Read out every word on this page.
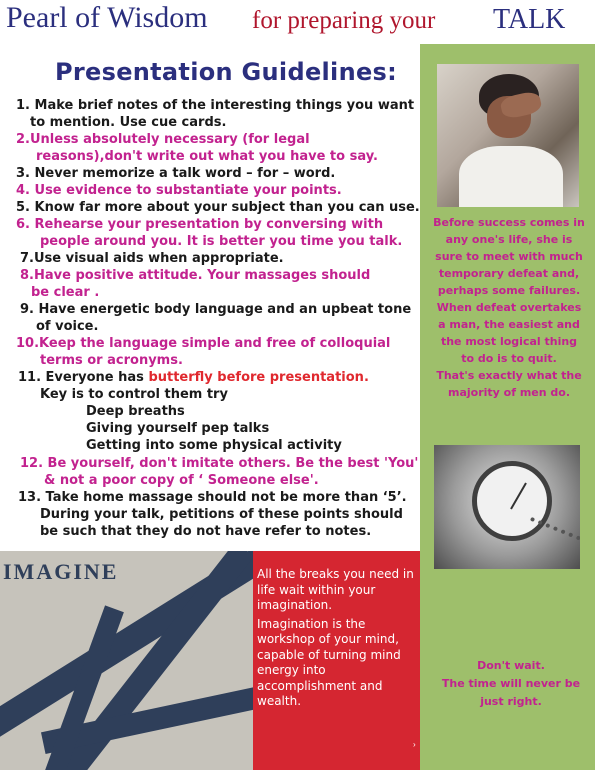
Pearl of Wisdom for preparing your TALK
Before success comes in
any one's life, she is
sure to meet with much
temporary defeat and,
perhaps some failures.
When defeat overtakes
a man, the easiest and
the most logical thing
to do is to quit.
That's exactly what the
majority of men do.
Don't wait.
The time will never be
just right.
Presentation Guidelines:
1. Make brief notes of the interesting things you want
to mention. Use cue cards.
2.Unless absolutely necessary (for legal
reasons),don't write out what you have to say.
3. Never memorize a talk word – for – word.
4. Use evidence to substantiate your points.
5. Know far more about your subject than you can use.
6. Rehearse your presentation by conversing with
people around you. It is better you time you talk.
7.Use visual aids when appropriate.
8.Have positive attitude. Your massages should
be clear .
9. Have energetic body language and an upbeat tone
of voice.
10.Keep the language simple and free of colloquial
terms or acronyms.
11. Everyone has butterfly before presentation.
Key is to control them try
Deep breaths
Giving yourself pep talks
Getting into some physical activity
12. Be yourself, don't imitate others. Be the best 'You'
& not a poor copy of ‘ Someone else'.
13. Take home massage should not be more than ‘5’.
During your talk, petitions of these points should
be such that they do not have refer to notes.
IMAGINE	All the breaks you need in life wait within your imagination.

Imagination is the workshop of your mind, capable of turning mind energy into accomplishment and wealth.

›
